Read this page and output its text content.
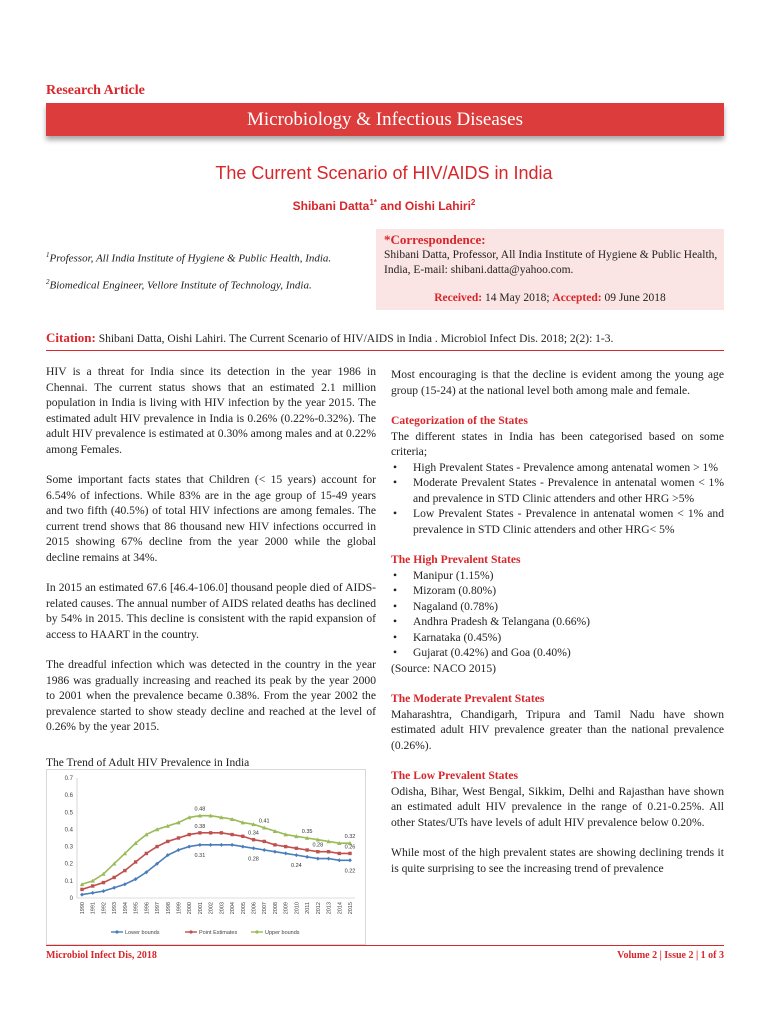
Research Article
Microbiology & Infectious Diseases
The Current Scenario of HIV/AIDS in India
Shibani Datta$^{1*}$ and Oishi Lahiri$^2$
$^1$Professor, All India Institute of Hygiene & Public Health, India.
$^2$Biomedical Engineer, Vellore Institute of Technology, India.
*Correspondence:
Shibani Datta, Professor, All India Institute of Hygiene & Public Health, India, E-mail: shibani.datta@yahoo.com.
Received: 14 May 2018; Accepted: 09 June 2018
Citation: Shibani Datta, Oishi Lahiri. The Current Scenario of HIV/AIDS in India . Microbiol Infect Dis. 2018; 2(2): 1-3.

HIV is a threat for India since its detection in the year 1986 in Chennai. The current status shows that an estimated 2.1 million population in India is living with HIV infection by the year 2015. The estimated adult HIV prevalence in India is 0.26% (0.22%-0.32%). The adult HIV prevalence is estimated at 0.30% among males and at 0.22% among Females.

Some important facts states that Children (< 15 years) account for 6.54% of infections. While 83% are in the age group of 15-49 years and two fifth (40.5%) of total HIV infections are among females. The current trend shows that 86 thousand new HIV infections occurred in 2015 showing 67% decline from the year 2000 while the global decline remains at 34%.

In 2015 an estimated 67.6 [46.4-106.0] thousand people died of AIDS-related causes. The annual number of AIDS related deaths has declined by 54% in 2015. This decline is consistent with the rapid expansion of access to HAART in the country.

The dreadful infection which was detected in the country in the year 1986 was gradually increasing and reached its peak by the year 2000 to 2001 when the prevalence became 0.38%. From the year 2002 the prevalence started to show steady decline and reached at the level of 0.26% by the year 2015.

The Trend of Adult HIV Prevalence in India
0
0.1
0.2
0.3
0.4
0.5
0.6
0.7
1990 1991 1992 1993 1994 1995 1996 1997 1998 1999 2000 2001 2002 2003 2004 2005 2006 2007 2008 2009 2010 2011 2012 2013 2014 2015
0.48
0.41
0.35
0.32
0.38
0.34
0.28	0.26
0.31
0.28
0.24
0.22
Lower bounds	Point Estimates	Upper bounds

Most encouraging is that the decline is evident among the young age group (15-24) at the national level both among male and female.

Categorization of the States
The different states in India has been categorised based on some criteria;
• High Prevalent States - Prevalence among antenatal women > 1%
• Moderate Prevalent States - Prevalence in antenatal women < 1% and prevalence in STD Clinic attenders and other HRG >5%
• Low Prevalent States - Prevalence in antenatal women < 1% and prevalence in STD Clinic attenders and other HRG< 5%
The High Prevalent States
• Manipur (1.15%)
• Mizoram (0.80%)
• Nagaland (0.78%)
• Andhra Pradesh & Telangana (0.66%)
• Karnataka (0.45%)
• Gujarat (0.42%) and Goa (0.40%)
(Source: NACO 2015)
The Moderate Prevalent States

Maharashtra, Chandigarh, Tripura and Tamil Nadu have shown estimated adult HIV prevalence greater than the national prevalence (0.26%).

The Low Prevalent States

Odisha, Bihar, West Bengal, Sikkim, Delhi and Rajasthan have shown an estimated adult HIV prevalence in the range of 0.21-0.25%. All other States/UTs have levels of adult HIV prevalence below 0.20%.

While most of the high prevalent states are showing declining trends it is quite surprising to see the increasing trend of prevalence

Microbiol Infect Dis, 2018	Volume 2 | Issue 2 | 1 of 3
